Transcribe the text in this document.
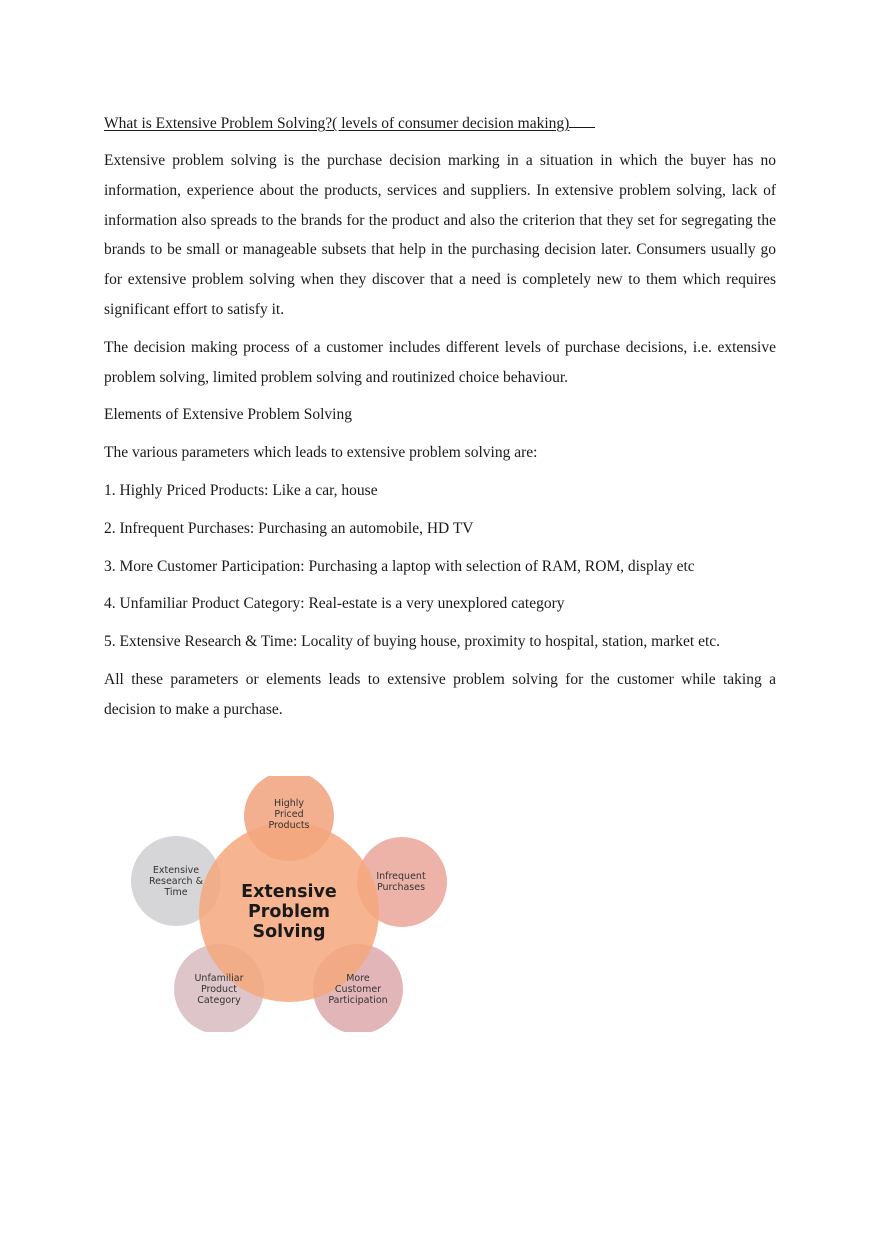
What is Extensive Problem Solving?( levels of consumer decision making)

Extensive problem solving is the purchase decision marking in a situation in which the buyer has no information, experience about the products, services and suppliers. In extensive problem solving, lack of information also spreads to the brands for the product and also the criterion that they set for segregating the brands to be small or manageable subsets that help in the purchasing decision later. Consumers usually go for extensive problem solving when they discover that a need is completely new to them which requires significant effort to satisfy it.

The decision making process of a customer includes different levels of purchase decisions, i.e. extensive problem solving, limited problem solving and routinized choice behaviour.

Elements of Extensive Problem Solving

The various parameters which leads to extensive problem solving are:

1. Highly Priced Products: Like a car, house

2. Infrequent Purchases: Purchasing an automobile, HD TV

3. More Customer Participation: Purchasing a laptop with selection of RAM, ROM, display etc

4. Unfamiliar Product Category: Real-estate is a very unexplored category

5. Extensive Research & Time: Locality of buying house, proximity to hospital, station, market etc.

All these parameters or elements leads to extensive problem solving for the customer while taking a decision to make a purchase.

Extensive
Problem
Solving
Highly
Priced
Products
Infrequent
Purchases
More
Customer
Participation
Unfamiliar
Product
Category
Extensive
Research &
Time
